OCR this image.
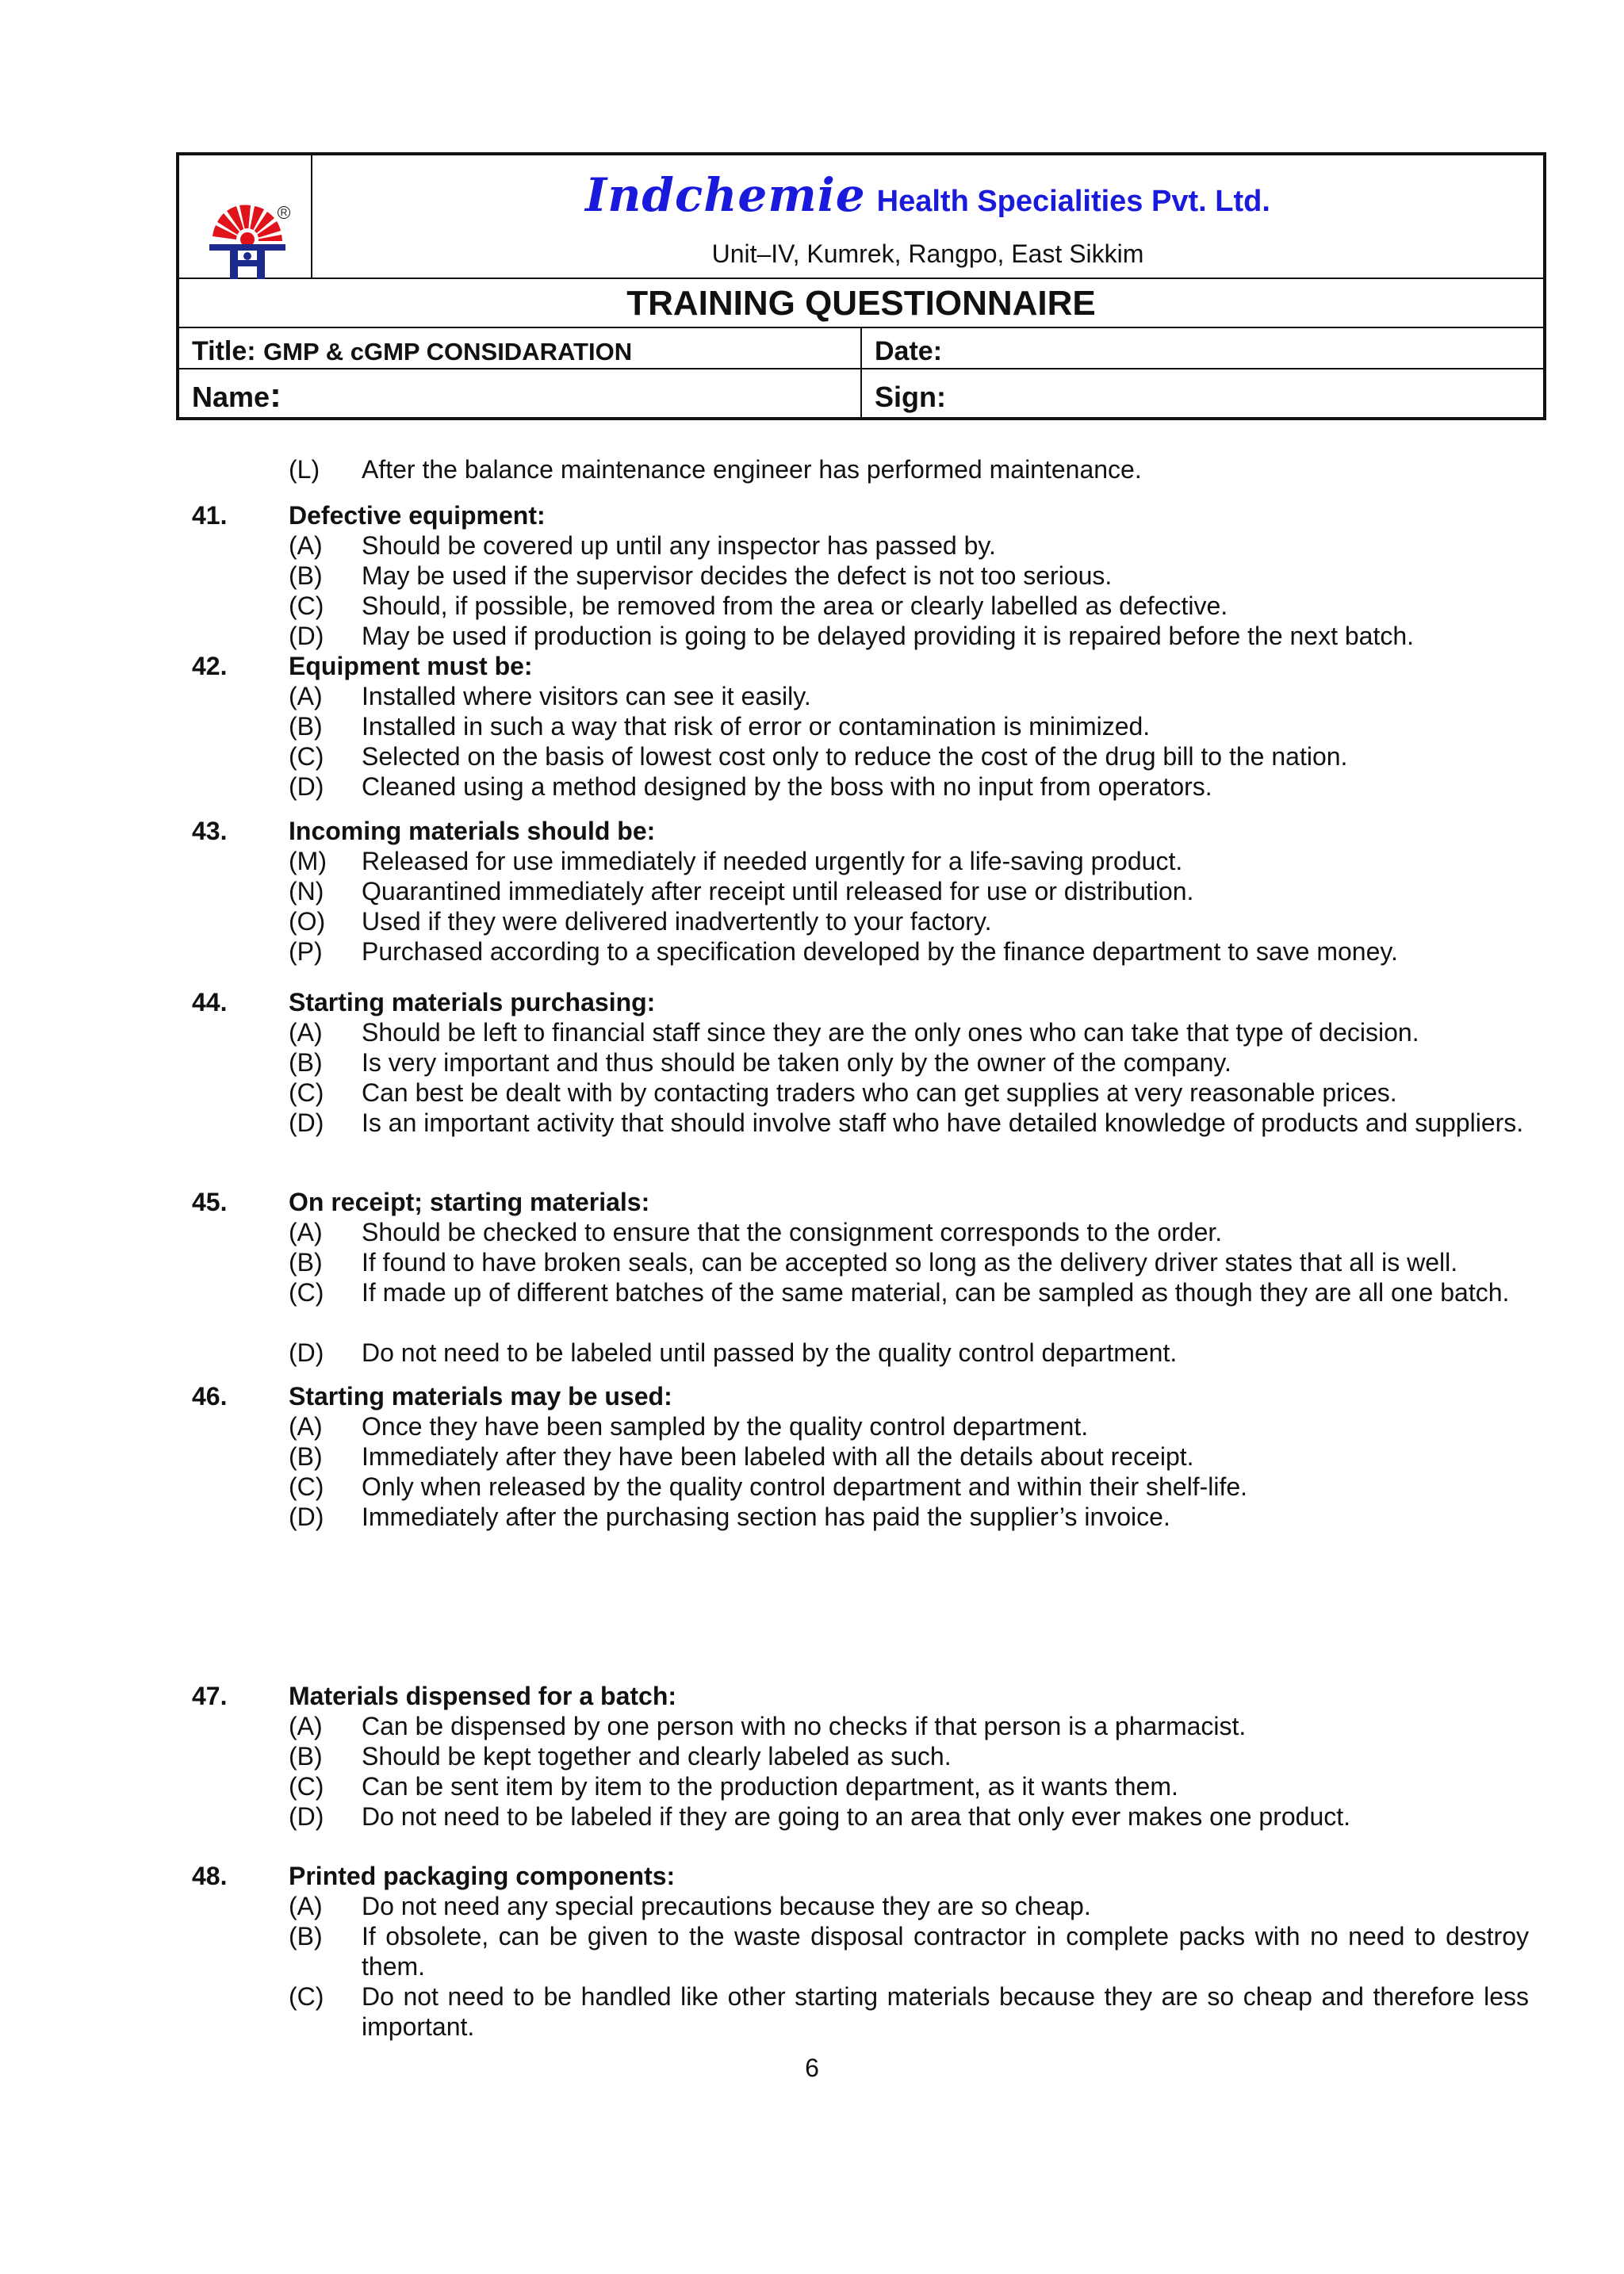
R	Indchemie Health Specialities Pvt. Ltd.
Unit–IV, Kumrek, Rangpo, East Sikkim
TRAINING QUESTIONNAIRE
Title: GMP & cGMP CONSIDARATION	Date:
Name:	Sign:
(L) After the balance maintenance engineer has performed maintenance.
41. Defective equipment:
(A) Should be covered up until any inspector has passed by.
(B) May be used if the supervisor decides the defect is not too serious.
(C) Should, if possible, be removed from the area or clearly labelled as defective.
(D) May be used if production is going to be delayed providing it is repaired before the next batch.
42. Equipment must be:
(A) Installed where visitors can see it easily.
(B) Installed in such a way that risk of error or contamination is minimized.
(C) Selected on the basis of lowest cost only to reduce the cost of the drug bill to the nation.
(D) Cleaned using a method designed by the boss with no input from operators.
43. Incoming materials should be:
(M) Released for use immediately if needed urgently for a life-saving product.
(N) Quarantined immediately after receipt until released for use or distribution.
(O) Used if they were delivered inadvertently to your factory.
(P) Purchased according to a specification developed by the finance department to save money.
44. Starting materials purchasing:
(A) Should be left to financial staff since they are the only ones who can take that type of decision.
(B) Is very important and thus should be taken only by the owner of the company.
(C) Can best be dealt with by contacting traders who can get supplies at very reasonable prices.
(D) Is an important activity that should involve staff who have detailed knowledge of products and suppliers.
45. On receipt; starting materials:
(A) Should be checked to ensure that the consignment corresponds to the order.
(B) If found to have broken seals, can be accepted so long as the delivery driver states that all is well.
(C) If made up of different batches of the same material, can be sampled as though they are all one batch.
(D) Do not need to be labeled until passed by the quality control department.
46. Starting materials may be used:
(A) Once they have been sampled by the quality control department.
(B) Immediately after they have been labeled with all the details about receipt.
(C) Only when released by the quality control department and within their shelf-life.
(D) Immediately after the purchasing section has paid the supplier’s invoice.
47. Materials dispensed for a batch:
(A) Can be dispensed by one person with no checks if that person is a pharmacist.
(B) Should be kept together and clearly labeled as such.
(C) Can be sent item by item to the production department, as it wants them.
(D) Do not need to be labeled if they are going to an area that only ever makes one product.
48. Printed packaging components:
(A) Do not need any special precautions because they are so cheap.
(B) If obsolete, can be given to the waste disposal contractor in complete packs with no need to destroy them.
(C) Do not need to be handled like other starting materials because they are so cheap and therefore less important.
6
